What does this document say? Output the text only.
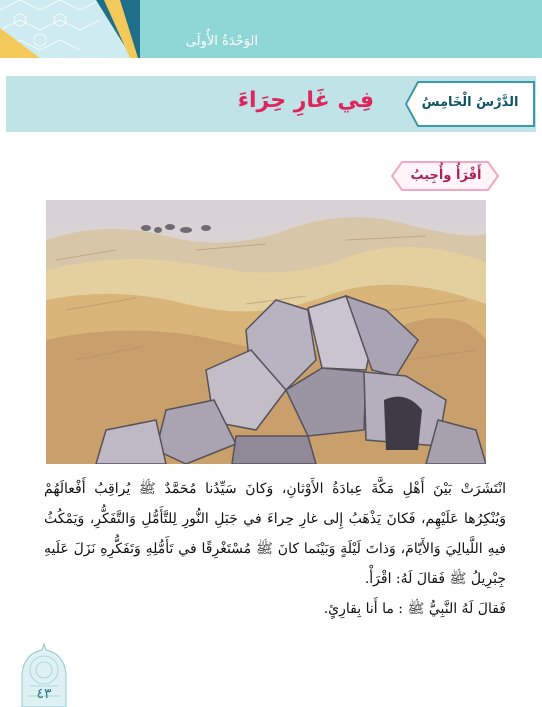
الوَحْدَةُ الأُولَى
الدَّرْسُ الْخَامِسُ
فِي غَارِ حِرَاءَ
أَقْرَأُ وأُجِيبُ

انْتَشَرَتْ بَيْنَ أَهْلِ مَكَّةَ عِبادَةُ الأَوْثانِ، وَكانَ سَيِّدُنا مُحَمَّدٌ ﷺ يُراقِبُ أَفْعالَهُمْ وَيُنْكِرُها عَلَيْهِم، فَكانَ يَذْهَبُ إِلى غارِ حِراءَ في جَبَلِ النُّورِ لِلتَّأَمُّلِ وَالتَّفَكُّرِ، وَيَمْكُثُ فيهِ اللَّيالِيَ وَالأَيّامَ، وَذاتَ لَيْلَةٍ وَبَيْنَما كانَ ﷺ مُسْتَغْرِقًا في تَأَمُّلِهِ وَتَفَكُّرِهِ نَزَلَ عَلَيهِ جِبْرِيلُ ﷺ فَقالَ لَهُ: اقْرَأْ.

فَقالَ لَهُ النَّبِيُّ ﷺ : ما أَنا بِقارِئٍ.

٤٣
